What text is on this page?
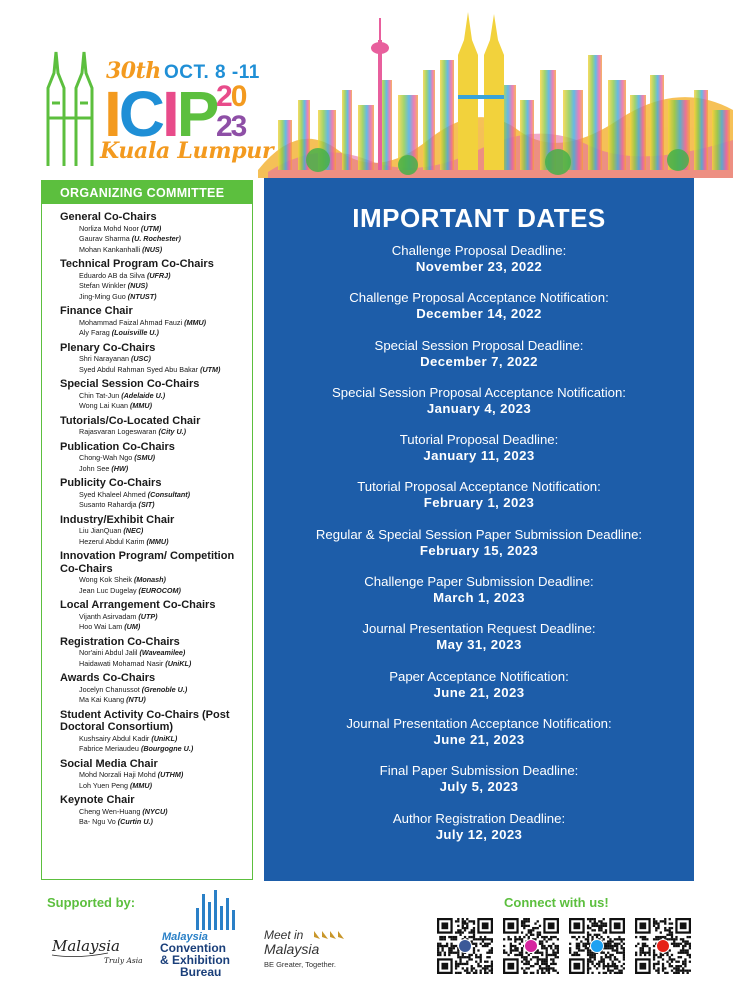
30th OCT. 8 -11
ICIP 20
23
Kuala Lumpur
ORGANIZING COMMITTEE
General Co-Chairs
Norliza Mohd Noor (UTM)
Gaurav Sharma (U. Rochester)
Mohan Kankanhalli (NUS)
Technical Program Co-Chairs
Eduardo AB da Silva (UFRJ)
Stefan Winkler (NUS)
Jing-Ming Guo (NTUST)
Finance Chair
Mohammad Faizal Ahmad Fauzi (MMU)
Aly Farag (Louisville U.)
Plenary Co-Chairs
Shri Narayanan (USC)
Syed Abdul Rahman Syed Abu Bakar (UTM)
Special Session Co-Chairs
Chin Tat-Jun (Adelaide U.)
Wong Lai Kuan (MMU)
Tutorials/Co-Located Chair
Rajasvaran Logeswaran (City U.)
Publication Co-Chairs
Chong-Wah Ngo (SMU)
John See (HW)
Publicity Co-Chairs
Syed Khaleel Ahmed (Consultant)
Susanto Rahardja (SIT)
Industry/Exhibit Chair
Liu JianQuan (NEC)
Hezerul Abdul Karim (MMU)
Innovation Program/ Competition Co-Chairs
Wong Kok Sheik (Monash)
Jean Luc Dugelay (EUROCOM)
Local Arrangement Co-Chairs
Vijanth Asirvadam (UTP)
Hoo Wai Lam (UM)
Registration Co-Chairs
Nor'aini Abdul Jalil (Waveamilee)
Haidawati Mohamad Nasir (UniKL)
Awards Co-Chairs
Jocelyn Chanussot (Grenoble U.)
Ma Kai Kuang (NTU)
Student Activity Co-Chairs (Post Doctoral Consortium)
Kushsairy Abdul Kadir (UniKL)
Fabrice Meriaudeu (Bourgogne U.)
Social Media Chair
Mohd Norzali Haji Mohd (UTHM)
Loh Yuen Peng (MMU)
Keynote Chair
Cheng Wen-Huang (NYCU)
Ba- Ngu Vo (Curtin U.)
IMPORTANT DATES
Challenge Proposal Deadline:
November 23, 2022
Challenge Proposal Acceptance Notification:
December 14, 2022
Special Session Proposal Deadline:
December 7, 2022
Special Session Proposal Acceptance Notification:
January 4, 2023
Tutorial Proposal Deadline:
January 11, 2023
Tutorial Proposal Acceptance Notification:
February 1, 2023
Regular & Special Session Paper Submission Deadline:
February 15, 2023
Challenge Paper Submission Deadline:
March 1, 2023
Journal Presentation Request Deadline:
May 31, 2023
Paper Acceptance Notification:
June 21, 2023
Journal Presentation Acceptance Notification:
June 21, 2023
Final Paper Submission Deadline:
July 5, 2023
Author Registration Deadline:
July 12, 2023
Supported by:	Connect with us!
Malaysia
Truly Asia
Malaysia
Convention
& Exhibition
Bureau
Meet in
Malaysia
BE Greater, Together.
